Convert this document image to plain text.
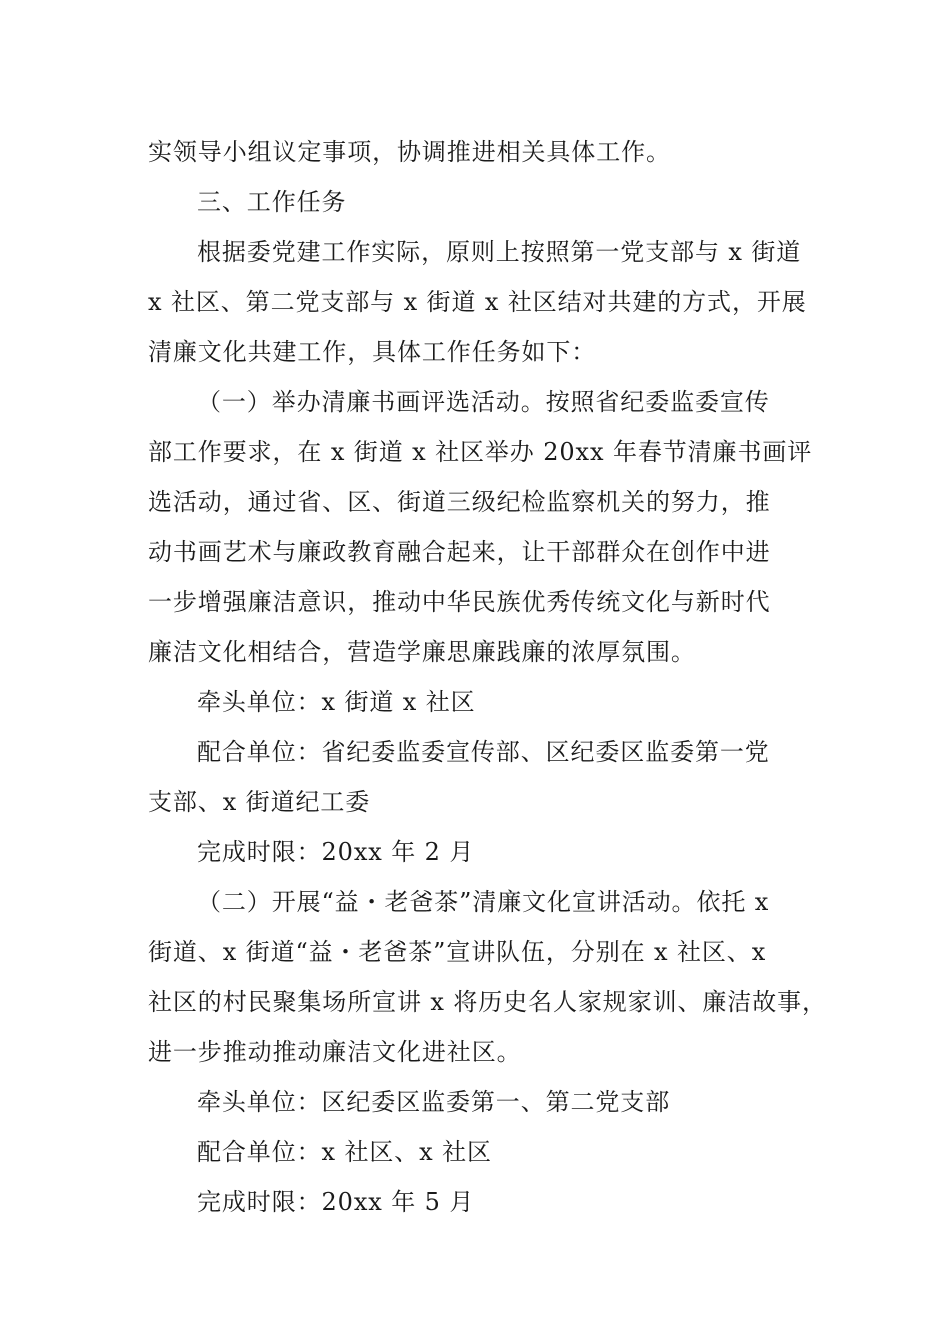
实领导小组议定事项，协调推进相关具体工作。
三、工作任务
根据委党建工作实际，原则上按照第一党支部与 x 街道
x 社区、第二党支部与 x 街道 x 社区结对共建的方式，开展
清廉文化共建工作，具体工作任务如下：
（一）举办清廉书画评选活动。按照省纪委监委宣传
部工作要求，在 x 街道 x 社区举办 20xx 年春节清廉书画评
选活动，通过省、区、街道三级纪检监察机关的努力，推
动书画艺术与廉政教育融合起来，让干部群众在创作中进
一步增强廉洁意识，推动中华民族优秀传统文化与新时代
廉洁文化相结合，营造学廉思廉践廉的浓厚氛围。
牵头单位：x 街道 x 社区
配合单位：省纪委监委宣传部、区纪委区监委第一党
支部、x 街道纪工委
完成时限：20xx 年 2 月
（二）开展“益・老爸茶”清廉文化宣讲活动。依托 x
街道、x 街道“益・老爸茶”宣讲队伍，分别在 x 社区、x
社区的村民聚集场所宣讲 x 将历史名人家规家训、廉洁故事，
进一步推动推动廉洁文化进社区。
牵头单位：区纪委区监委第一、第二党支部
配合单位：x 社区、x 社区
完成时限：20xx 年 5 月
